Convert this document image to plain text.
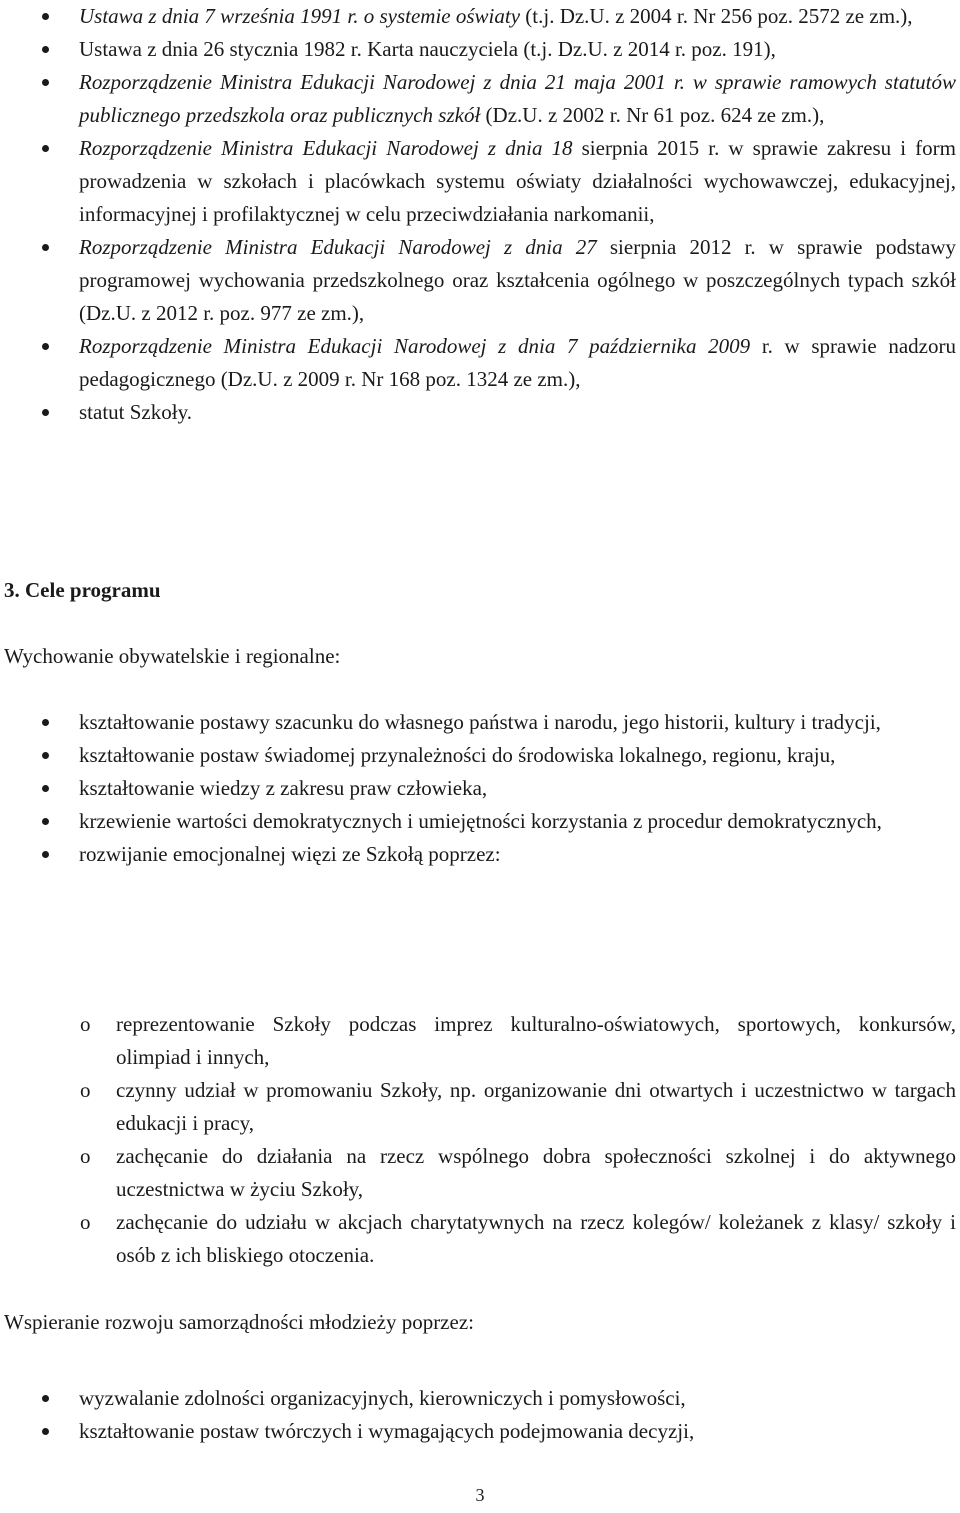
Ustawa z dnia 7 września 1991 r. o systemie oświaty (t.j. Dz.U. z 2004 r. Nr 256 poz. 2572 ze zm.),
Ustawa z dnia 26 stycznia 1982 r. Karta nauczyciela (t.j. Dz.U. z 2014 r. poz. 191),
Rozporządzenie Ministra Edukacji Narodowej z dnia 21 maja 2001 r. w sprawie ramowych statutów publicznego przedszkola oraz publicznych szkół (Dz.U. z 2002 r. Nr 61 poz. 624 ze zm.),
Rozporządzenie Ministra Edukacji Narodowej z dnia 18 sierpnia 2015 r. w sprawie zakresu i form prowadzenia w szkołach i placówkach systemu oświaty działalności wychowawczej, edukacyjnej, informacyjnej i profilaktycznej w celu przeciwdziałania narkomanii,
Rozporządzenie Ministra Edukacji Narodowej z dnia 27 sierpnia 2012 r. w sprawie podstawy programowej wychowania przedszkolnego oraz kształcenia ogólnego w poszczególnych typach szkół (Dz.U. z 2012 r. poz. 977 ze zm.),
Rozporządzenie Ministra Edukacji Narodowej z dnia 7 października 2009 r. w sprawie nadzoru pedagogicznego (Dz.U. z 2009 r. Nr 168 poz. 1324 ze zm.),
statut Szkoły.
3. Cele programu
Wychowanie obywatelskie i regionalne:
kształtowanie postawy szacunku do własnego państwa i narodu, jego historii, kultury i tradycji,
kształtowanie postaw świadomej przynależności do środowiska lokalnego, regionu, kraju,
kształtowanie wiedzy z zakresu praw człowieka,
krzewienie wartości demokratycznych i umiejętności korzystania z procedur demokratycznych,
rozwijanie emocjonalnej więzi ze Szkołą poprzez:
o reprezentowanie Szkoły podczas imprez kulturalno-oświatowych, sportowych, konkursów, olimpiad i innych,
o czynny udział w promowaniu Szkoły, np. organizowanie dni otwartych i uczestnictwo w targach edukacji i pracy,
o zachęcanie do działania na rzecz wspólnego dobra społeczności szkolnej i do aktywnego uczestnictwa w życiu Szkoły,
o zachęcanie do udziału w akcjach charytatywnych na rzecz kolegów/ koleżanek z klasy/ szkoły i osób z ich bliskiego otoczenia.
Wspieranie rozwoju samorządności młodzieży poprzez:
wyzwalanie zdolności organizacyjnych, kierowniczych i pomysłowości,
kształtowanie postaw twórczych i wymagających podejmowania decyzji,
3
